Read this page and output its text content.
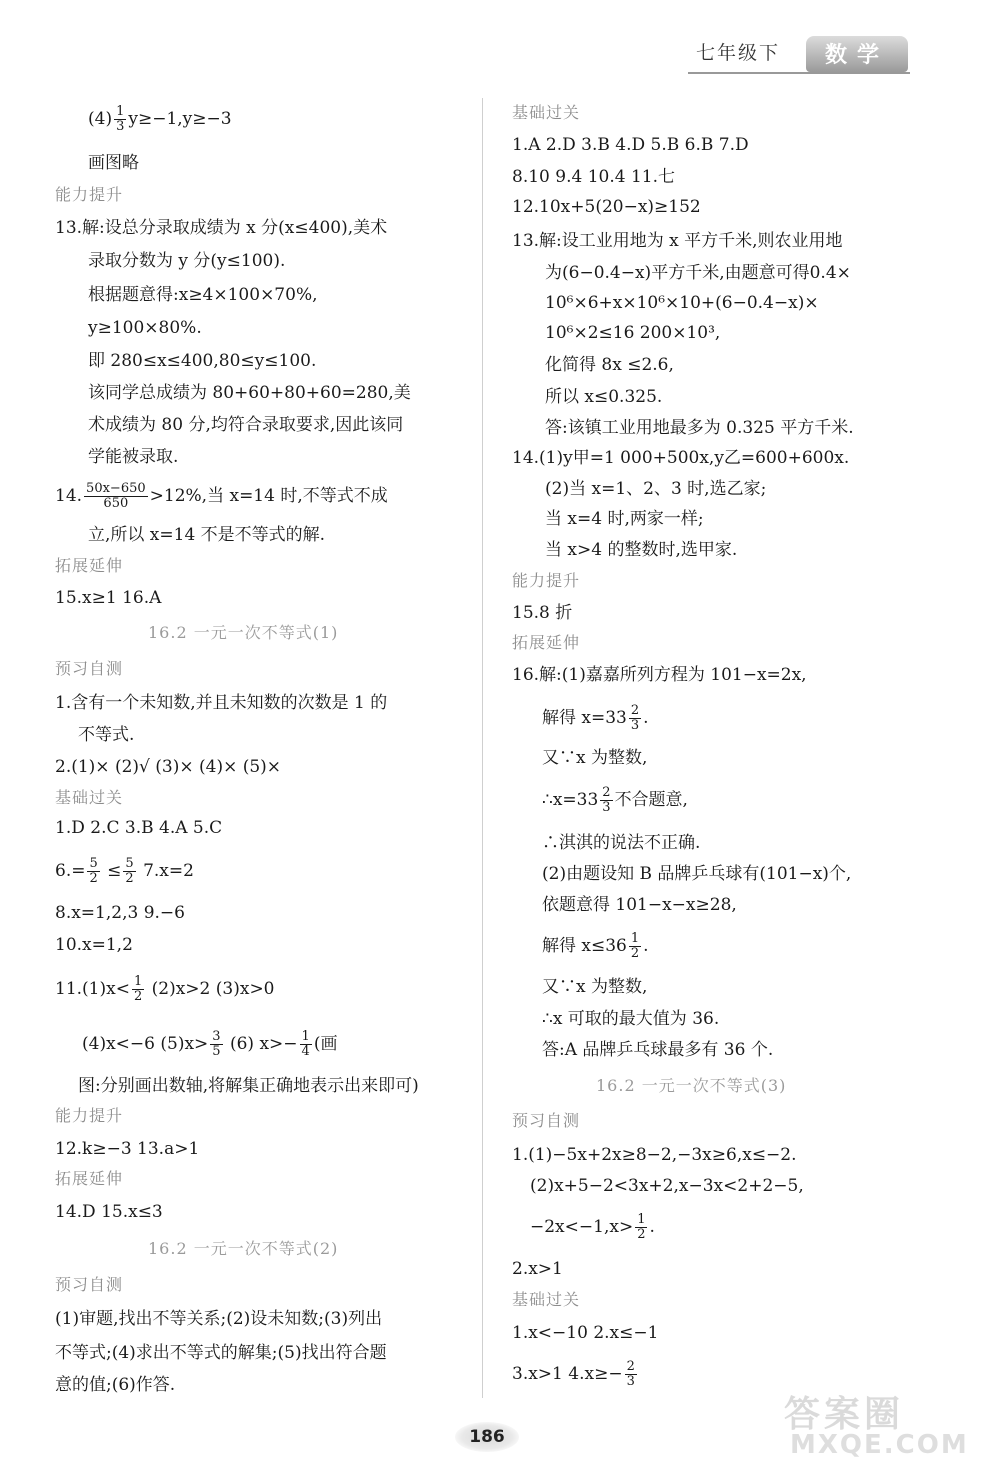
七年级下	数学
$(4) \frac{1}{3} y\ge-1,y\ge-3$
画图略
能力提升
13.解:设总分录取成绩为 x 分(x≤400),美术
录取分数为 y 分(y≤100).
根据题意得:x≥4×100×70%,
y≥100×80%.
即 280≤x≤400,80≤y≤100.
该同学总成绩为 80+60+80+60=280,美
术成绩为 80 分,均符合录取要求,因此该同
学能被录取.
14. $\frac{50x-650}{650} >12\%$,当 x=14 时,不等式不成
立,所以 x=14 不是不等式的解.
拓展延伸
15.x≥1 16.A
16.2 一元一次不等式(1)
预习自测
1.含有一个未知数,并且未知数的次数是 1 的
不等式.
2.(1)× (2)√ (3)× (4)× (5)×
基础过关
1.D 2.C 3.B 4.A 5.C
$6.= \frac{5}{2} \le \frac{5}{2} 7.x=2$
8.x=1,2,3 9.−6
10.x=1,2
$11.(1)x< \frac{1}{2} (2)x>2$ (3)x>0
(4)x<−6 $(5)x> \frac{3}{5} (6)$ $x>- \frac{1}{4}$ (画
图:分别画出数轴,将解集正确地表示出来即可)
能力提升
12.k≥−3 13.a>1
拓展延伸
14.D 15.x≤3
16.2 一元一次不等式(2)
预习自测
(1)审题,找出不等关系;(2)设未知数;(3)列出
不等式;(4)求出不等式的解集;(5)找出符合题
意的值;(6)作答.
基础过关
1.A 2.D 3.B 4.D 5.B 6.B 7.D
8.10 9.4 10.4 11.七
12.10x+5(20−x)≥152
13.解:设工业用地为 x 平方千米,则农业用地
为(6−0.4−x)平方千米,由题意可得0.4×
10⁶×6+x×10⁶×10+(6−0.4−x)×
10⁶×2≤16 200×10³,
化简得 8x ≤2.6,
所以 x≤0.325.
答:该镇工业用地最多为 0.325 平方千米.
14.(1)y甲=1 000+500x,y乙=600+600x.
(2)当 x=1、2、3 时,选乙家;
当 x=4 时,两家一样;
当 x>4 的整数时,选甲家.
能力提升
15.8 折
拓展延伸
16.解:(1)嘉嘉所列方程为 101−x=2x,
解得 $x=33 \frac{2}{3}$ .
又∵x 为整数,
∴x=33 $\frac{2}{3}$ 不合题意,
∴淇淇的说法不正确.
(2)由题设知 B 品牌乒乓球有(101−x)个,
依题意得 101−x−x≥28,
解得 $x\le 36 \frac{1}{2}$ .
又∵x 为整数,
∴x 可取的最大值为 36.
答:A 品牌乒乓球最多有 36 个.
16.2 一元一次不等式(3)
预习自测
1.(1)−5x+2x≥8−2,−3x≥6,x≤−2.
(2)x+5−2<3x+2,x−3x<2+2−5,
$-2x<-1,x> \frac{1}{2}$ .
2.x>1
基础过关
1.x<−10 2.x≤−1
3.x>1 $4.x\ge- \frac{2}{3}$
186
答案圈
MXQE.COM
